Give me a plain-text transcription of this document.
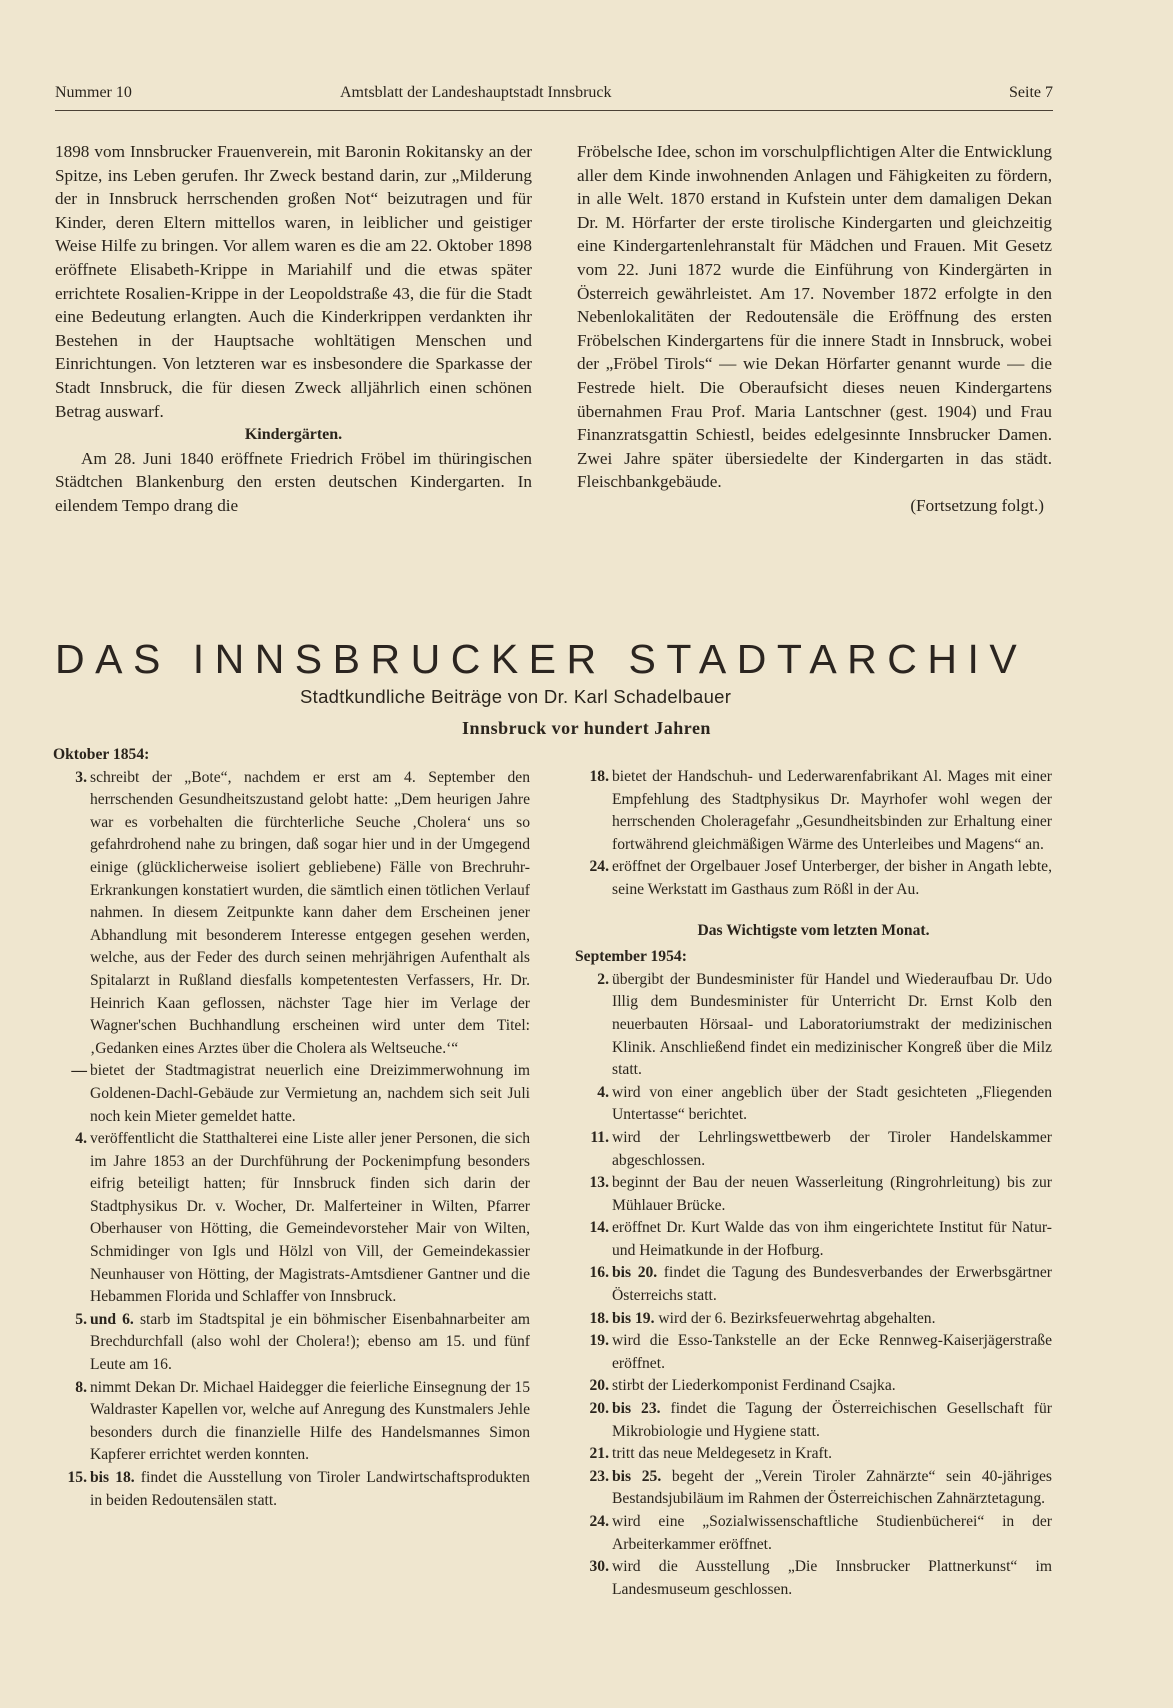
Nummer 10	Amtsblatt der Landeshauptstadt Innsbruck	Seite 7

1898 vom Innsbrucker Frauenverein, mit Baronin Rokitansky an der Spitze, ins Leben gerufen. Ihr Zweck bestand darin, zur „Milderung der in Innsbruck herrschenden großen Not“ beizutragen und für Kinder, deren Eltern mittellos waren, in leiblicher und geistiger Weise Hilfe zu bringen. Vor allem waren es die am 22. Oktober 1898 eröffnete Elisabeth-Krippe in Mariahilf und die etwas später errichtete Rosalien-Krippe in der Leopoldstraße 43, die für die Stadt eine Bedeutung erlangten. Auch die Kinderkrippen verdankten ihr Bestehen in der Hauptsache wohltätigen Menschen und Einrichtungen. Von letzteren war es insbesondere die Sparkasse der Stadt Innsbruck, die für diesen Zweck alljährlich einen schönen Betrag auswarf.

Kindergärten.

Am 28. Juni 1840 eröffnete Friedrich Fröbel im thüringischen Städtchen Blankenburg den ersten deutschen Kindergarten. In eilendem Tempo drang die

Fröbelsche Idee, schon im vorschulpflichtigen Alter die Entwicklung aller dem Kinde inwohnenden Anlagen und Fähigkeiten zu fördern, in alle Welt. 1870 erstand in Kufstein unter dem damaligen Dekan Dr. M. Hörfarter der erste tirolische Kindergarten und gleichzeitig eine Kindergartenlehranstalt für Mädchen und Frauen. Mit Gesetz vom 22. Juni 1872 wurde die Einführung von Kindergärten in Österreich gewährleistet. Am 17. November 1872 erfolgte in den Nebenlokalitäten der Redoutensäle die Eröffnung des ersten Fröbelschen Kindergartens für die innere Stadt in Innsbruck, wobei der „Fröbel Tirols“ — wie Dekan Hörfarter genannt wurde — die Festrede hielt. Die Oberaufsicht dieses neuen Kindergartens übernahmen Frau Prof. Maria Lantschner (gest. 1904) und Frau Finanzratsgattin Schiestl, beides edelgesinnte Innsbrucker Damen. Zwei Jahre später übersiedelte der Kindergarten in das städt. Fleischbankgebäude.

(Fortsetzung folgt.)

DAS INNSBRUCKER STADTARCHIV
Stadtkundliche Beiträge von Dr. Karl Schadelbauer
Innsbruck vor hundert Jahren

Oktober 1854:

3. schreibt der „Bote“, nachdem er erst am 4. September den herrschenden Gesundheitszustand gelobt hatte: „Dem heurigen Jahre war es vorbehalten die fürchterliche Seuche ‚Cholera‘ uns so gefahrdrohend nahe zu bringen, daß sogar hier und in der Umgegend einige (glücklicherweise isoliert gebliebene) Fälle von Brechruhr-Erkrankungen konstatiert wurden, die sämtlich einen tötlichen Verlauf nahmen. In diesem Zeitpunkte kann daher dem Erscheinen jener Abhandlung mit besonderem Interesse entgegen gesehen werden, welche, aus der Feder des durch seinen mehrjährigen Aufenthalt als Spitalarzt in Rußland diesfalls kompetentesten Verfassers, Hr. Dr. Heinrich Kaan geflossen, nächster Tage hier im Verlage der Wagner'schen Buchhandlung erscheinen wird unter dem Titel: ‚Gedanken eines Arztes über die Cholera als Weltseuche.‘“

— bietet der Stadtmagistrat neuerlich eine Dreizimmerwohnung im Goldenen-Dachl-Gebäude zur Vermietung an, nachdem sich seit Juli noch kein Mieter gemeldet hatte.

4. veröffentlicht die Statthalterei eine Liste aller jener Personen, die sich im Jahre 1853 an der Durchführung der Pockenimpfung besonders eifrig beteiligt hatten; für Innsbruck finden sich darin der Stadtphysikus Dr. v. Wocher, Dr. Malferteiner in Wilten, Pfarrer Oberhauser von Hötting, die Gemeindevorsteher Mair von Wilten, Schmidinger von Igls und Hölzl von Vill, der Gemeindekassier Neunhauser von Hötting, der Magistrats-Amtsdiener Gantner und die Hebammen Florida und Schlaffer von Innsbruck.

5. und 6. starb im Stadtspital je ein böhmischer Eisenbahnarbeiter am Brechdurchfall (also wohl der Cholera!); ebenso am 15. und fünf Leute am 16.

8. nimmt Dekan Dr. Michael Haidegger die feierliche Einsegnung der 15 Waldraster Kapellen vor, welche auf Anregung des Kunstmalers Jehle besonders durch die finanzielle Hilfe des Handelsmannes Simon Kapferer errichtet werden konnten.

15. bis 18. findet die Ausstellung von Tiroler Landwirtschaftsprodukten in beiden Redoutensälen statt.

18. bietet der Handschuh- und Lederwarenfabrikant Al. Mages mit einer Empfehlung des Stadtphysikus Dr. Mayrhofer wohl wegen der herrschenden Choleragefahr „Gesundheitsbinden zur Erhaltung einer fortwährend gleichmäßigen Wärme des Unterleibes und Magens“ an.

24. eröffnet der Orgelbauer Josef Unterberger, der bisher in Angath lebte, seine Werkstatt im Gasthaus zum Rößl in der Au.

Das Wichtigste vom letzten Monat.

September 1954:

2. übergibt der Bundesminister für Handel und Wiederaufbau Dr. Udo Illig dem Bundesminister für Unterricht Dr. Ernst Kolb den neuerbauten Hörsaal- und Laboratoriumstrakt der medizinischen Klinik. Anschließend findet ein medizinischer Kongreß über die Milz statt.

4. wird von einer angeblich über der Stadt gesichteten „Fliegenden Untertasse“ berichtet.

11. wird der Lehrlingswettbewerb der Tiroler Handelskammer abgeschlossen.

13. beginnt der Bau der neuen Wasserleitung (Ringrohrleitung) bis zur Mühlauer Brücke.

14. eröffnet Dr. Kurt Walde das von ihm eingerichtete Institut für Natur- und Heimatkunde in der Hofburg.

16. bis 20. findet die Tagung des Bundesverbandes der Erwerbsgärtner Österreichs statt.

18. bis 19. wird der 6. Bezirksfeuerwehrtag abgehalten.

19. wird die Esso-Tankstelle an der Ecke Rennweg-Kaiserjägerstraße eröffnet.

20. stirbt der Liederkomponist Ferdinand Csajka.

20. bis 23. findet die Tagung der Österreichischen Gesellschaft für Mikrobiologie und Hygiene statt.

21. tritt das neue Meldegesetz in Kraft.

23. bis 25. begeht der „Verein Tiroler Zahnärzte“ sein 40-jähriges Bestandsjubiläum im Rahmen der Österreichischen Zahnärztetagung.

24. wird eine „Sozialwissenschaftliche Studienbücherei“ in der Arbeiterkammer eröffnet.

30. wird die Ausstellung „Die Innsbrucker Plattnerkunst“ im Landesmuseum geschlossen.
